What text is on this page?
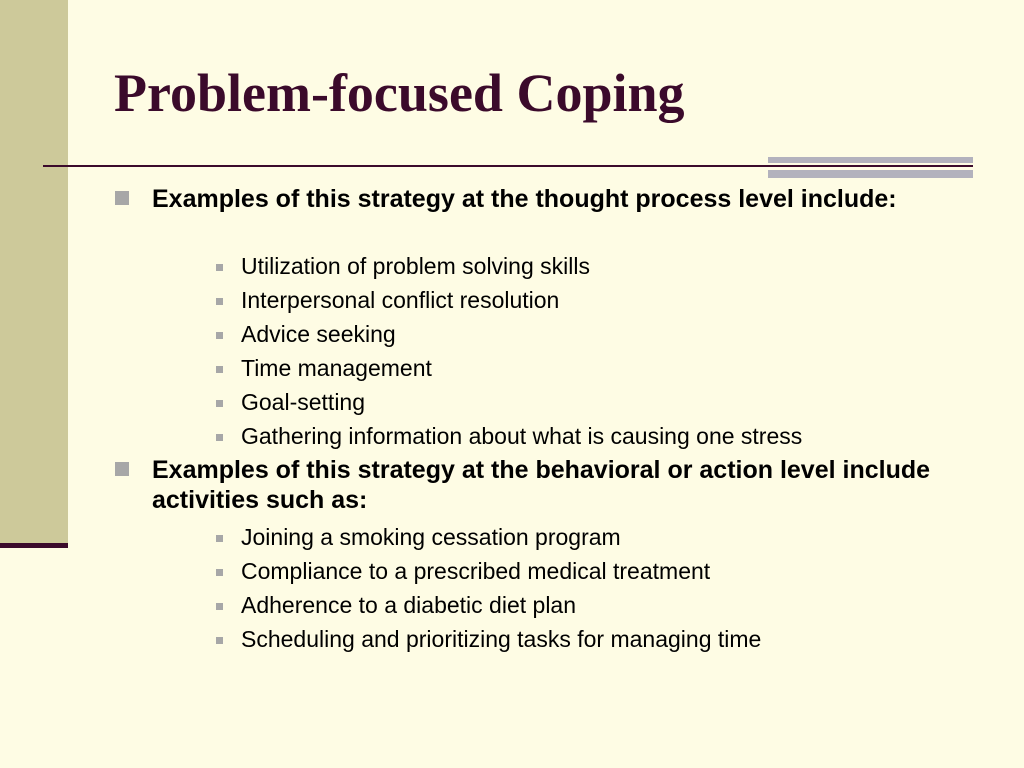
Problem-focused Coping
Examples of this strategy at the thought process level include:
Utilization of problem solving skills
Interpersonal conflict resolution
Advice seeking
Time management
Goal-setting
Gathering information about what is causing one stress
Examples of this strategy at the behavioral or action level include activities such as:
Joining a smoking cessation program
Compliance to a prescribed medical treatment
Adherence to a diabetic diet plan
Scheduling and prioritizing tasks for managing time
